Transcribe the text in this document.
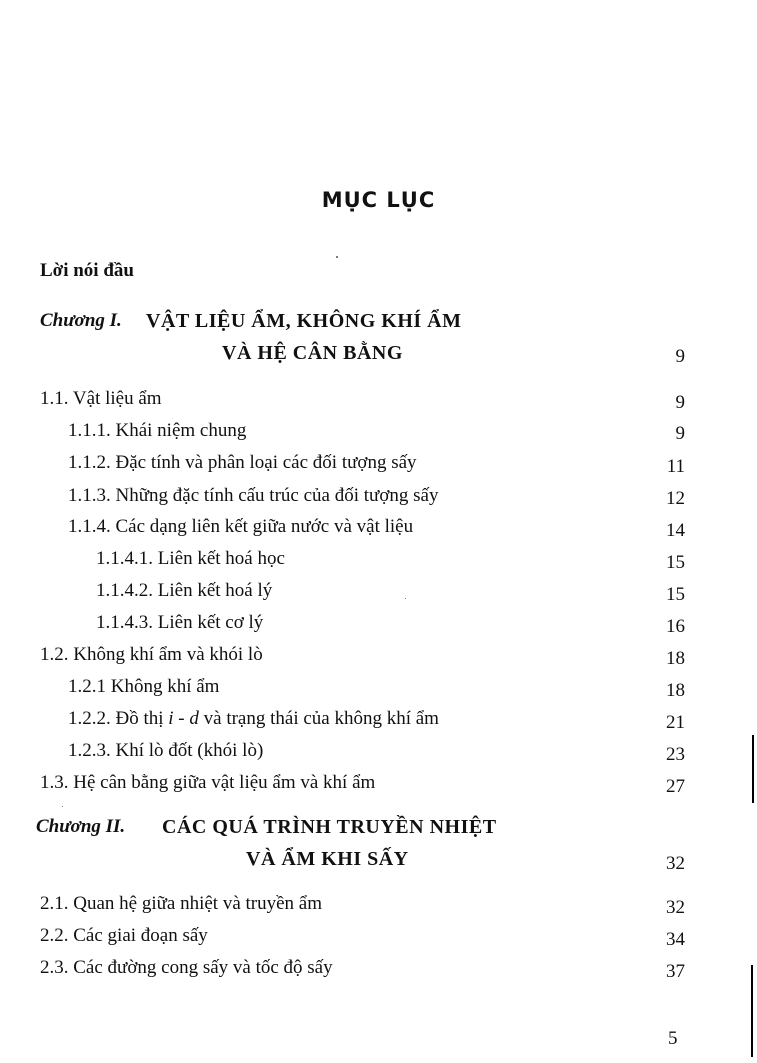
MỤC LỤC
Lời nói đầu
Chương I. VẬT LIỆU ẨM, KHÔNG KHÍ ẨM
VÀ HỆ CÂN BẰNG	9
1.1. Vật liệu ẩm	9
1.1.1. Khái niệm chung	9
1.1.2. Đặc tính và phân loại các đối tượng sấy	11
1.1.3. Những đặc tính cấu trúc của đối tượng sấy	12
1.1.4. Các dạng liên kết giữa nước và vật liệu	14
1.1.4.1. Liên kết hoá học	15
1.1.4.2. Liên kết hoá lý	15
1.1.4.3. Liên kết cơ lý	16
1.2. Không khí ẩm và khói lò	18
1.2.1 Không khí ẩm	18
1.2.2. Đồ thị i - d và trạng thái của không khí ẩm	21
1.2.3. Khí lò đốt (khói lò)	23
1.3. Hệ cân bằng giữa vật liệu ẩm và khí ẩm	27
Chương II. CÁC QUÁ TRÌNH TRUYỀN NHIỆT
VÀ ẨM KHI SẤY	32
2.1. Quan hệ giữa nhiệt và truyền ẩm	32
2.2. Các giai đoạn sấy	34
2.3. Các đường cong sấy và tốc độ sấy	37
5
